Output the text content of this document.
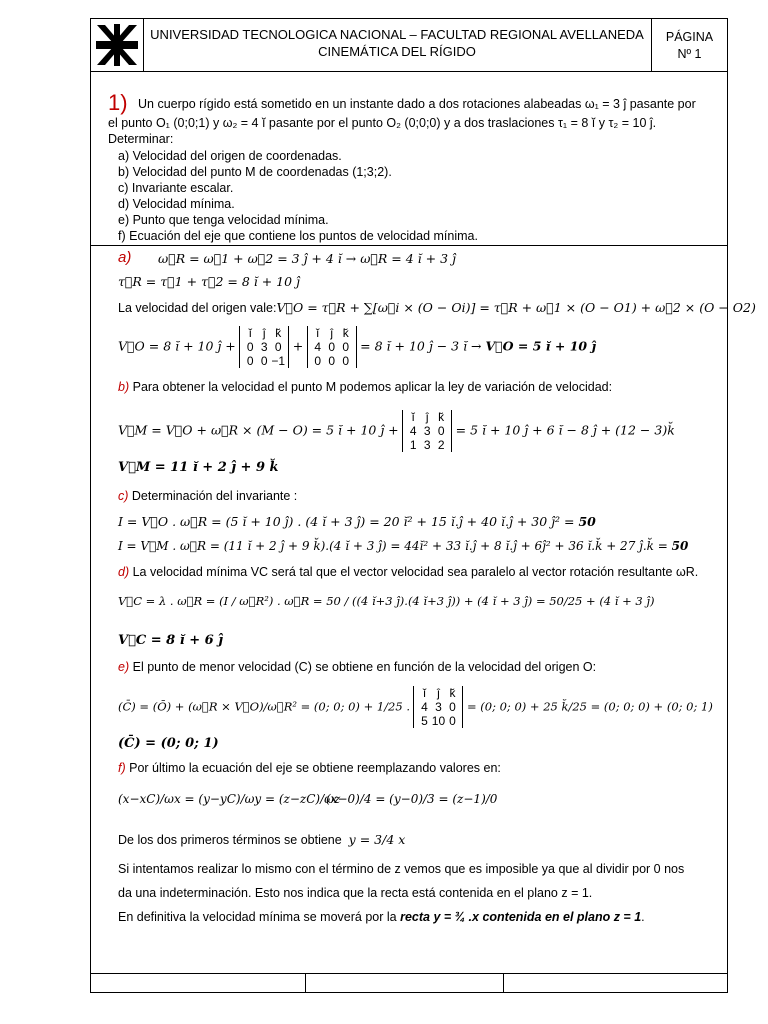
UNIVERSIDAD TECNOLOGICA NACIONAL – FACULTAD REGIONAL AVELLANEDA
CINEMÁTICA DEL RÍGIDO
PÁGINA
Nº 1
1) Un cuerpo rígido está sometido en un instante dado a dos rotaciones alabeadas ω₁ = 3 ĵ pasante por
el punto O₁ (0;0;1) y ω₂ = 4 ĭ pasante por el punto O₂ (0;0;0) y a dos traslaciones τ₁ = 8 ĭ y τ₂ = 10 ĵ.
Determinar:
a) Velocidad del origen de coordenadas.
b) Velocidad del punto M de coordenadas (1;3;2).
c) Invariante escalar.
d) Velocidad mínima.
e) Punto que tenga velocidad mínima.
f) Ecuación del eje que contiene los puntos de velocidad mínima.
a) ω⃗R = ω⃗1 + ω⃗2 = 3 ĵ + 4 ĭ → ω⃗R = 4 ĭ + 3 ĵ
τ⃗R = τ⃗1 + τ⃗2 = 8 ĭ + 10 ĵ
La velocidad del origen vale:V⃗O = τ⃗R + ∑[ω⃗i × (O − Oi)] = τ⃗R + ω⃗1 × (O − O1) + ω⃗2 × (O − O2)
V⃗O = 8 ĭ + 10 ĵ +
ĭ ĵ k̆
0 3 0
0 0 −1
+
ĭ ĵ k̆
4 0 0
0 0 0
= 8 ĭ + 10 ĵ − 3 ĭ → V⃗O = 5 ĭ + 10 ĵ
b) Para obtener la velocidad el punto M podemos aplicar la ley de variación de velocidad:
V⃗M = V⃗O + ω⃗R × (M − O) = 5 ĭ + 10 ĵ +
ĭ ĵ k̆
4 3 0
1 3 2
= 5 ĭ + 10 ĵ + 6 ĭ − 8 ĵ + (12 − 3)k̆
V⃗M = 11 ĭ + 2 ĵ + 9 k̆
c) Determinación del invariante :
I = V⃗O . ω⃗R = (5 ĭ + 10 ĵ) . (4 ĭ + 3 ĵ) = 20 ĭ² + 15 ĭ.ĵ + 40 ĭ.ĵ + 30 ĵ² = 50
I = V⃗M . ω⃗R = (11 ĭ + 2 ĵ + 9 k̆).(4 ĭ + 3 ĵ) = 44ĭ² + 33 ĭ.ĵ + 8 ĭ.ĵ + 6ĵ² + 36 ĭ.k̆ + 27 ĵ.k̆ = 50
d) La velocidad mínima VC será tal que el vector velocidad sea paralelo al vector rotación resultante ωR.
V⃗C = λ . ω⃗R = (I / ω⃗R²) . ω⃗R = 50 / ((4 ĭ+3 ĵ).(4 ĭ+3 ĵ)) + (4 ĭ + 3 ĵ) = 50/25 + (4 ĭ + 3 ĵ)
V⃗C = 8 ĭ + 6 ĵ
e) El punto de menor velocidad (C) se obtiene en función de la velocidad del origen O:
(C̄) = (Ō) + (ω⃗R × V⃗O)/ω⃗R² = (0; 0; 0) + 1/25 .
ĭ ĵ k̆
4 3 0
5 10 0
= (0; 0; 0) + 25 k̆/25 = (0; 0; 0) + (0; 0; 1)
(C̄) = (0; 0; 1)
f) Por último la ecuación del eje se obtiene reemplazando valores en:
(x−xC)/ωx = (y−yC)/ωy = (z−zC)/ωz
(x−0)/4 = (y−0)/3 = (z−1)/0
De los dos primeros términos se obtiene y = 3/4 x
Si intentamos realizar lo mismo con el término de z vemos que es imposible ya que al dividir por 0 nos
da una indeterminación. Esto nos indica que la recta está contenida en el plano z = 1.
En definitiva la velocidad mínima se moverá por la recta y = ¾ .x contenida en el plano z = 1.
